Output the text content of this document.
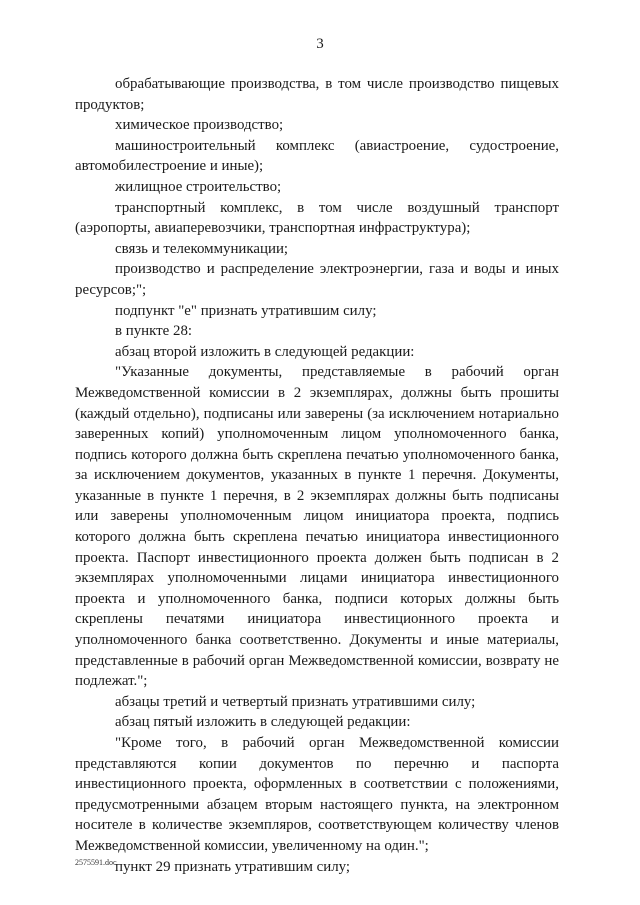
3

обрабатывающие производства, в том числе производство пищевых продуктов;

химическое производство;

машиностроительный комплекс (авиастроение, судостроение, автомобилестроение и иные);

жилищное строительство;

транспортный комплекс, в том числе воздушный транспорт (аэропорты, авиаперевозчики, транспортная инфраструктура);

связь и телекоммуникации;

производство и распределение электроэнергии, газа и воды и иных ресурсов;";

подпункт "е" признать утратившим силу;

в пункте 28:

абзац второй изложить в следующей редакции:

"Указанные документы, представляемые в рабочий орган Межведомственной комиссии в 2 экземплярах, должны быть прошиты (каждый отдельно), подписаны или заверены (за исключением нотариально заверенных копий) уполномоченным лицом уполномоченного банка, подпись которого должна быть скреплена печатью уполномоченного банка, за исключением документов, указанных в пункте 1 перечня. Документы, указанные в пункте 1 перечня, в 2 экземплярах должны быть подписаны или заверены уполномоченным лицом инициатора проекта, подпись которого должна быть скреплена печатью инициатора инвестиционного проекта. Паспорт инвестиционного проекта должен быть подписан в 2 экземплярах уполномоченными лицами инициатора инвестиционного проекта и уполномоченного банка, подписи которых должны быть скреплены печатями инициатора инвестиционного проекта и уполномоченного банка соответственно. Документы и иные материалы, представленные в рабочий орган Межведомственной комиссии, возврату не подлежат.";

абзацы третий и четвертый признать утратившими силу;

абзац пятый изложить в следующей редакции:

"Кроме того, в рабочий орган Межведомственной комиссии представляются копии документов по перечню и паспорта инвестиционного проекта, оформленных в соответствии с положениями, предусмотренными абзацем вторым настоящего пункта, на электронном носителе в количестве экземпляров, соответствующем количеству членов Межведомственной комиссии, увеличенному на один.";

пункт 29 признать утратившим силу;

2575591.doc
